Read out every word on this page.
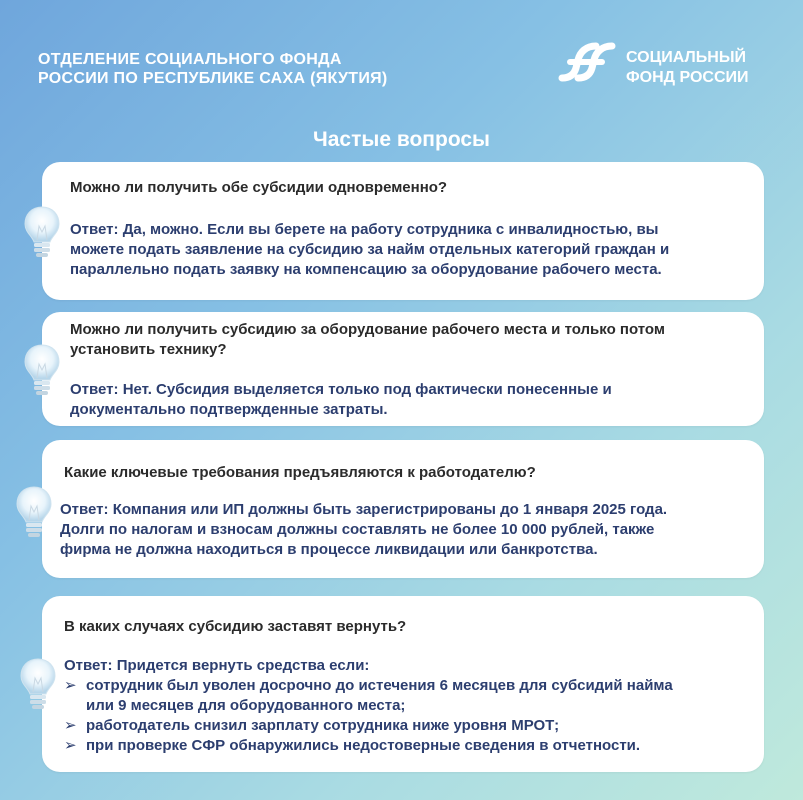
ОТДЕЛЕНИЕ СОЦИАЛЬНОГО ФОНДА
РОССИИ ПО РЕСПУБЛИКЕ САХА (ЯКУТИЯ)
СОЦИАЛЬНЫЙ
ФОНД РОССИИ
Частые вопросы
Можно ли получить обе субсидии одновременно?
Ответ: Да, можно. Если вы берете на работу сотрудника с инвалидностью, вы
можете подать заявление на субсидию за найм отдельных категорий граждан и
параллельно подать заявку на компенсацию за оборудование рабочего места.
Можно ли получить субсидию за оборудование рабочего места и только потом
установить технику?
Ответ: Нет. Субсидия выделяется только под фактически понесенные и
документально подтвержденные затраты.
Какие ключевые требования предъявляются к работодателю?
Ответ: Компания или ИП должны быть зарегистрированы до 1 января 2025 года.
Долги по налогам и взносам должны составлять не более 10 000 рублей, также
фирма не должна находиться в процессе ликвидации или банкротства.
В каких случаях субсидию заставят вернуть?
Ответ: Придется вернуть средства если:
➢ сотрудник был уволен досрочно до истечения 6 месяцев для субсидий найма
или 9 месяцев для оборудованного места;
➢ работодатель снизил зарплату сотрудника ниже уровня МРОТ;
➢ при проверке СФР обнаружились недостоверные сведения в отчетности.
